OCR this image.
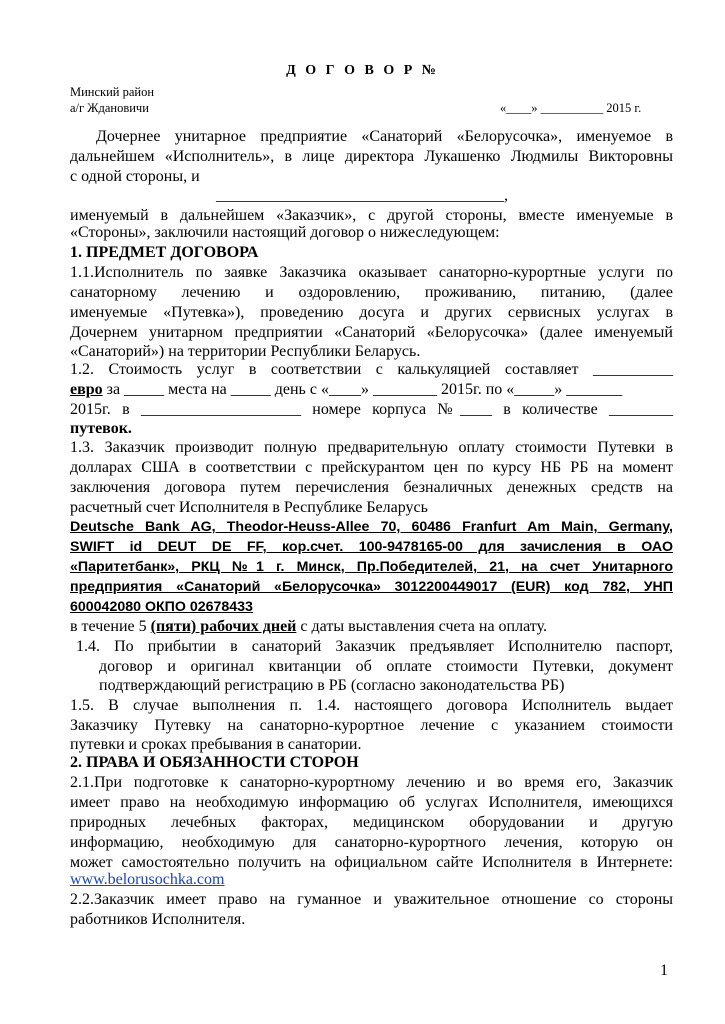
Д О Г О В О Р №
Минский район
а/г Ждановичи	«____» __________ 2015 г.
Дочернее унитарное предприятие «Санаторий «Белорусочка», именуемое в
дальнейшем «Исполнитель», в лице директора Лукашенко Людмилы Викторовны
с одной стороны, и
____________________________________,
именуемый в дальнейшем «Заказчик», с другой стороны, вместе именуемые в
«Стороны», заключили настоящий договор о нижеследующем:
1. ПРЕДМЕТ ДОГОВОРА
1.1.Исполнитель по заявке Заказчика оказывает санаторно-курортные услуги по
санаторному лечению и оздоровлению, проживанию, питанию, (далее
именуемые «Путевка»), проведению досуга и других сервисных услугах в
Дочернем унитарном предприятии «Санаторий «Белорусочка» (далее именуемый
«Санаторий») на территории Республики Беларусь.
1.2. Стоимость услуг в соответствии с калькуляцией составляет __________
евро за _____ места на _____ день с «____» ________ 2015г. по «_____» _______
2015г. в ____________________ номере корпуса №____ в количестве ________
путевок.
1.3. Заказчик производит полную предварительную оплату стоимости Путевки в
долларах США в соответствии с прейскурантом цен по курсу НБ РБ на момент
заключения договора путем перечисления безналичных денежных средств на
расчетный счет Исполнителя в Республике Беларусь
Deutsche Bank AG, Theodor-Heuss-Allee 70, 60486 Franfurt Am Main, Germany,
SWIFT id DEUT DE FF, кор.счет. 100-9478165-00 для зачисления в ОАО
«Паритетбанк», РКЦ №1 г. Минск, Пр.Победителей, 21, на счет Унитарного
предприятия «Санаторий «Белорусочка» 3012200449017 (EUR) код 782, УНП
600042080 ОКПО 02678433
в течение 5 (пяти) рабочих дней с даты выставления счета на оплату.
1.4. По прибытии в санаторий Заказчик предъявляет Исполнителю паспорт,
договор и оригинал квитанции об оплате стоимости Путевки, документ
подтверждающий регистрацию в РБ (согласно законодательства РБ)
1.5. В случае выполнения п. 1.4. настоящего договора Исполнитель выдает
Заказчику Путевку на санаторно-курортное лечение с указанием стоимости
путевки и сроках пребывания в санатории.
2. ПРАВА И ОБЯЗАННОСТИ СТОРОН
2.1.При подготовке к санаторно-курортному лечению и во время его, Заказчик
имеет право на необходимую информацию об услугах Исполнителя, имеющихся
природных лечебных факторах, медицинском оборудовании и другую
информацию, необходимую для санаторно-курортного лечения, которую он
может самостоятельно получить на официальном сайте Исполнителя в Интернете:
www.belorusochka.com
2.2.Заказчик имеет право на гуманное и уважительное отношение со стороны
работников Исполнителя.
1
